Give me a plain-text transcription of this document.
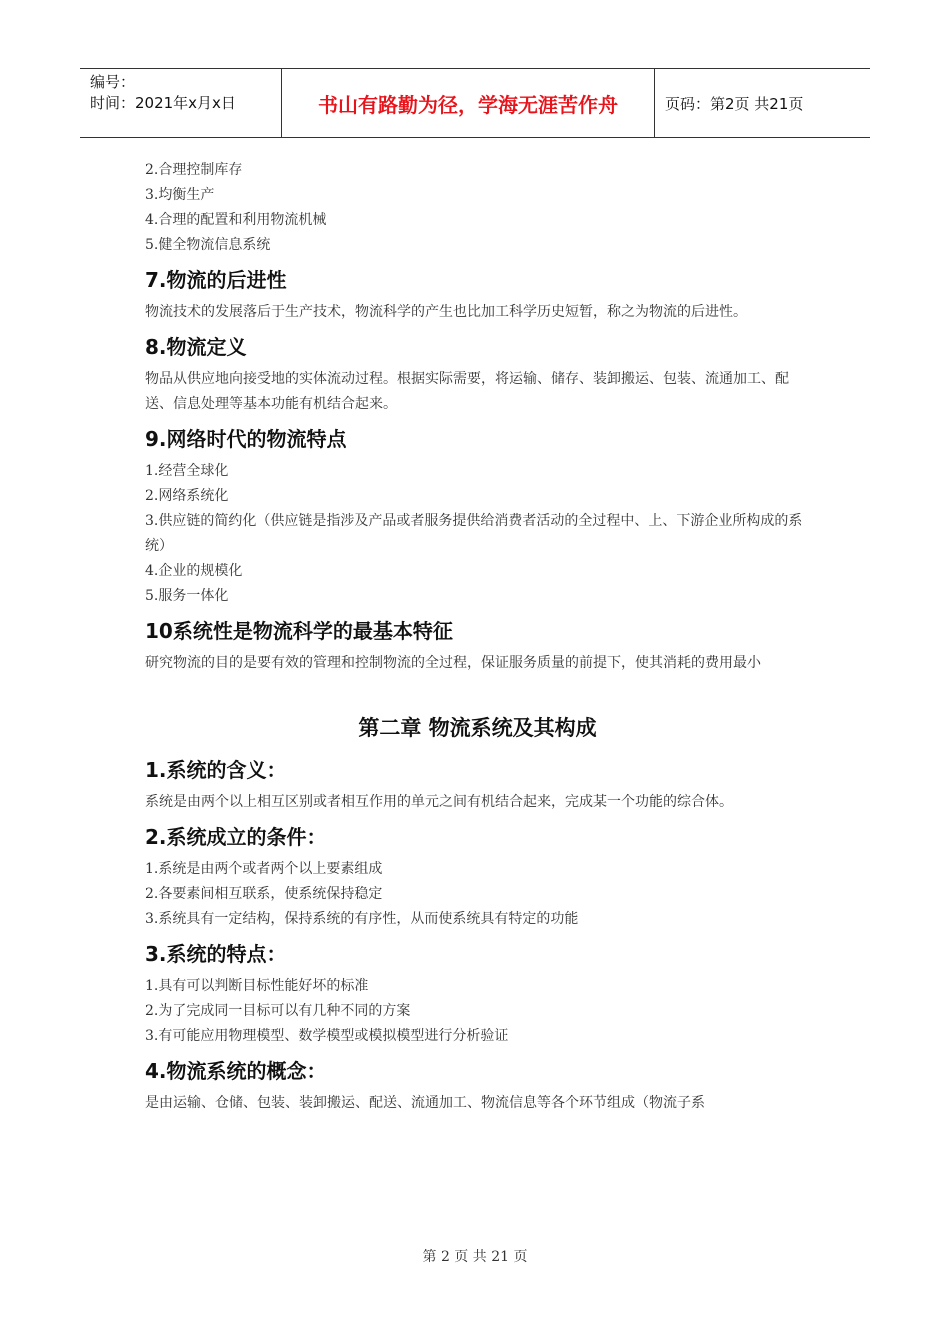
编号：
时间：2021年x月x日	书山有路勤为径，学海无涯苦作舟	页码：第2页 共21页
2.合理控制库存
3.均衡生产
4.合理的配置和利用物流机械
5.健全物流信息系统
7.物流的后进性

物流技术的发展落后于生产技术，物流科学的产生也比加工科学历史短暂，称之为物流的后进性。

8.物流定义

物品从供应地向接受地的实体流动过程。根据实际需要，将运输、储存、装卸搬运、包装、流通加工、配送、信息处理等基本功能有机结合起来。

9.网络时代的物流特点
1.经营全球化
2.网络系统化
3.供应链的简约化（供应链是指涉及产品或者服务提供给消费者活动的全过程中、上、下游企业所构成的系统）
4.企业的规模化
5.服务一体化
10系统性是物流科学的最基本特征

研究物流的目的是要有效的管理和控制物流的全过程，保证服务质量的前提下，使其消耗的费用最小

第二章 物流系统及其构成
1.系统的含义：

系统是由两个以上相互区别或者相互作用的单元之间有机结合起来，完成某一个功能的综合体。

2.系统成立的条件：
1.系统是由两个或者两个以上要素组成
2.各要素间相互联系，使系统保持稳定
3.系统具有一定结构，保持系统的有序性，从而使系统具有特定的功能
3.系统的特点：
1.具有可以判断目标性能好坏的标准
2.为了完成同一目标可以有几种不同的方案
3.有可能应用物理模型、数学模型或模拟模型进行分析验证
4.物流系统的概念：

是由运输、仓储、包装、装卸搬运、配送、流通加工、物流信息等各个环节组成（物流子系

第 2 页 共 21 页
